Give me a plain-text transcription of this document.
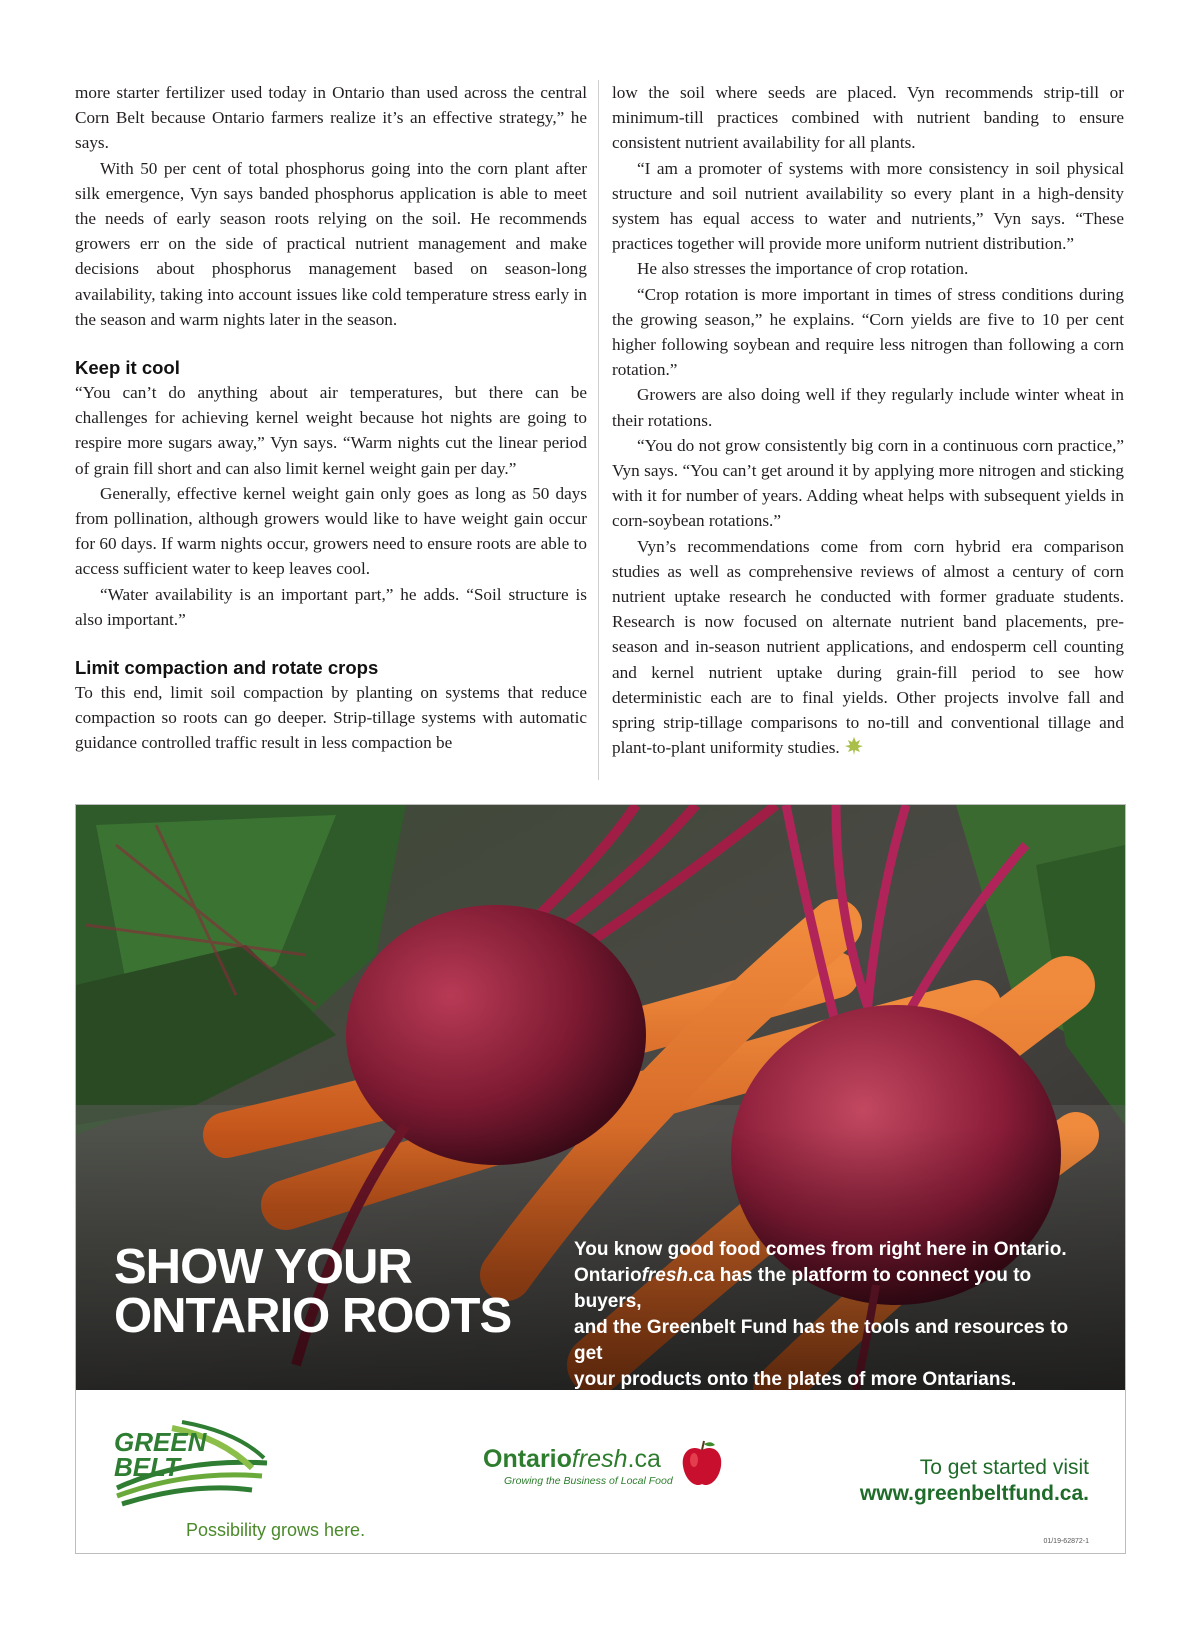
more starter fertilizer used today in Ontario than used across the central Corn Belt because Ontario farmers realize it’s an effective strategy,” he says.

With 50 per cent of total phosphorus going into the corn plant after silk emergence, Vyn says banded phosphorus application is able to meet the needs of early season roots relying on the soil. He recommends growers err on the side of practical nutrient management and make decisions about phosphorus management based on season-long availability, taking into account issues like cold temperature stress early in the season and warm nights later in the season.

Keep it cool

“You can’t do anything about air temperatures, but there can be challenges for achieving kernel weight because hot nights are going to respire more sugars away,” Vyn says. “Warm nights cut the linear period of grain fill short and can also limit kernel weight gain per day.”

Generally, effective kernel weight gain only goes as long as 50 days from pollination, although growers would like to have weight gain occur for 60 days. If warm nights occur, growers need to ensure roots are able to access sufficient water to keep leaves cool.

“Water availability is an important part,” he adds. “Soil structure is also important.”

Limit compaction and rotate crops

To this end, limit soil compaction by planting on systems that reduce compaction so roots can go deeper. Strip-tillage systems with automatic guidance controlled traffic result in less compaction be

low the soil where seeds are placed. Vyn recommends strip-till or minimum-till practices combined with nutrient banding to ensure consistent nutrient availability for all plants.

“I am a promoter of systems with more consistency in soil physical structure and soil nutrient availability so every plant in a high-density system has equal access to water and nutrients,” Vyn says. “These practices together will provide more uniform nutrient distribution.”

He also stresses the importance of crop rotation.

“Crop rotation is more important in times of stress conditions during the growing season,” he explains. “Corn yields are five to 10 per cent higher following soybean and require less nitrogen than following a corn rotation.”

Growers are also doing well if they regularly include winter wheat in their rotations.

“You do not grow consistently big corn in a continuous corn practice,” Vyn says. “You can’t get around it by applying more nitrogen and sticking with it for number of years. Adding wheat helps with subsequent yields in corn-soybean rotations.”

Vyn’s recommendations come from corn hybrid era comparison studies as well as comprehensive reviews of almost a century of corn nutrient uptake research he conducted with former graduate students. Research is now focused on alternate nutrient band placements, pre-season and in-season nutrient applications, and endosperm cell counting and kernel nutrient uptake during grain-fill period to see how deterministic each are to final yields. Other projects involve fall and spring strip-tillage comparisons to no-till and conventional tillage and plant-to-plant uniformity studies.

SHOW YOUR
ONTARIO ROOTS
You know good food comes from right here in Ontario.
Ontariofresh.ca has the platform to connect you to buyers,
and the Greenbelt Fund has the tools and resources to get
your products onto the plates of more Ontarians.
GREEN
BELT
Possibility grows here.
Ontariofresh.ca
Growing the Business of Local Food
To get started visit
www.greenbeltfund.ca.
01/19-62872-1
